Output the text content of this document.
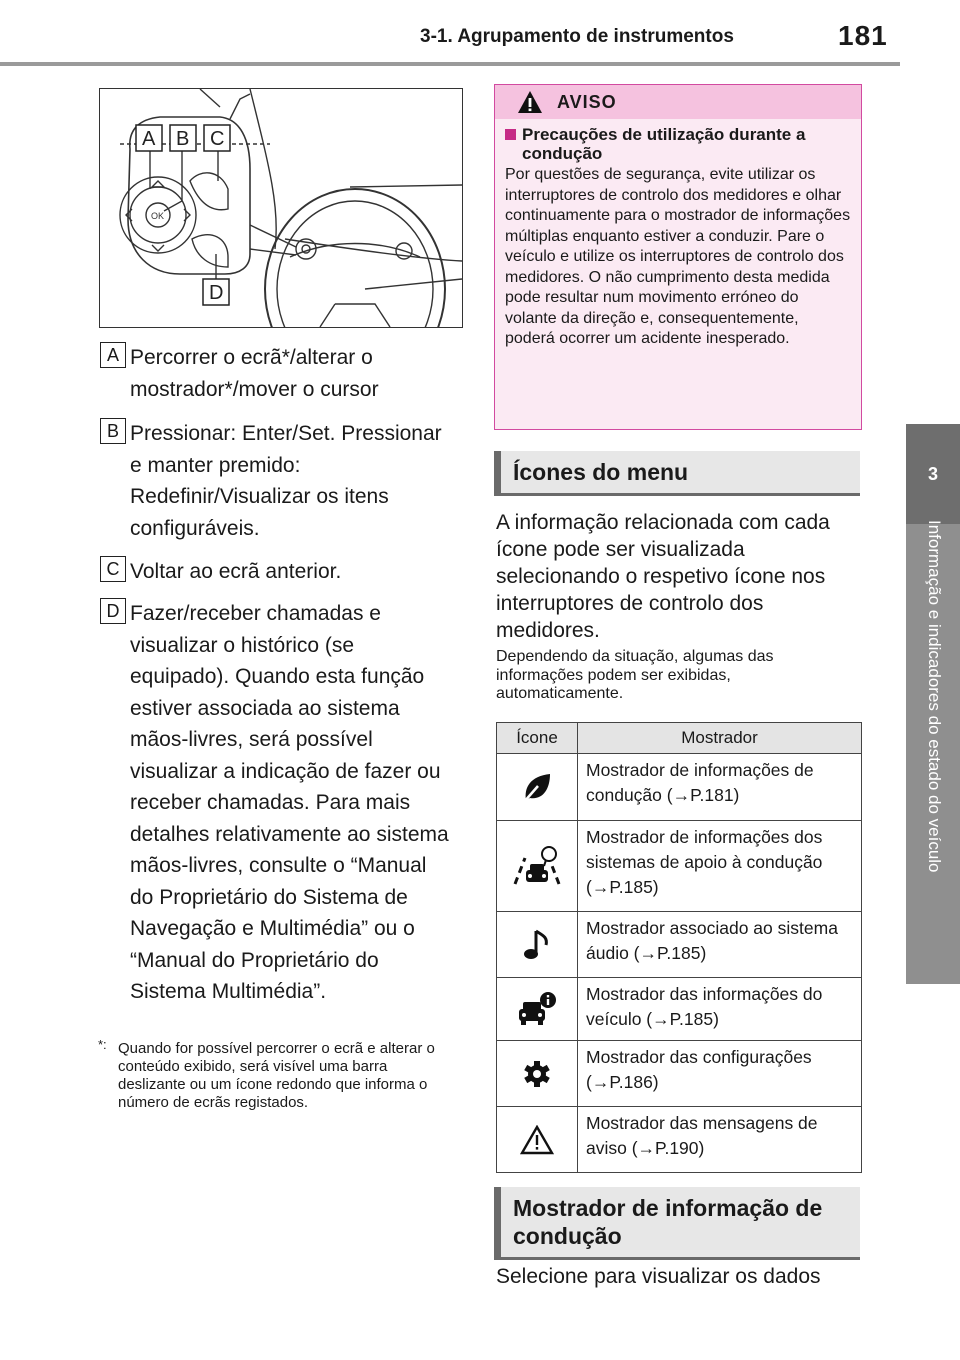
3-1. Agrupamento de instrumentos	181
3
Informação e indicadores do estado do veículo
OK
A B C
D
A Percorrer o ecrã*/alterar o mostrador*/mover o cursor
B Pressionar: Enter/Set. Pressionar e manter premido: Redefinir/Visualizar os itens configuráveis.
C Voltar ao ecrã anterior.
D Fazer/receber chamadas e visualizar o histórico (se equipado). Quando esta função estiver associada ao sistema mãos-livres, será possível visualizar a indicação de fazer ou receber chamadas. Para mais detalhes relativamente ao sistema mãos-livres, consulte o “Manual do Proprietário do Sistema de Navegação e Multimédia” ou o “Manual do Proprietário do Sistema Multimédia”.
*: Quando for possível percorrer o ecrã e alterar o conteúdo exibido, será visível uma barra deslizante ou um ícone redondo que informa o número de ecrãs registados.
AVISO
Precauções de utilização durante a condução
Por questões de segurança, evite utilizar os interruptores de controlo dos medidores e olhar continuamente para o mostrador de informações múltiplas enquanto estiver a conduzir. Pare o veículo e utilize os interruptores de controlo dos medidores. O não cumprimento desta medida pode resultar num movimento erróneo do volante da direção e, consequentemente, poderá ocorrer um acidente inesperado.
Ícones do menu
A informação relacionada com cada ícone pode ser visualizada selecionando o respetivo ícone nos interruptores de controlo dos medidores.
Dependendo da situação, algumas das informações podem ser exibidas, automaticamente.
Ícone	Mostrador

	Mostrador de informações de condução (→P.181)

	Mostrador de informações dos sistemas de apoio à condução (→P.185)

	Mostrador associado ao sistema áudio (→P.185)

	Mostrador das informações do veículo (→P.185)

	Mostrador das configurações (→P.186)

	Mostrador das mensagens de aviso (→P.190)
Mostrador de informação de condução
Selecione para visualizar os dados
